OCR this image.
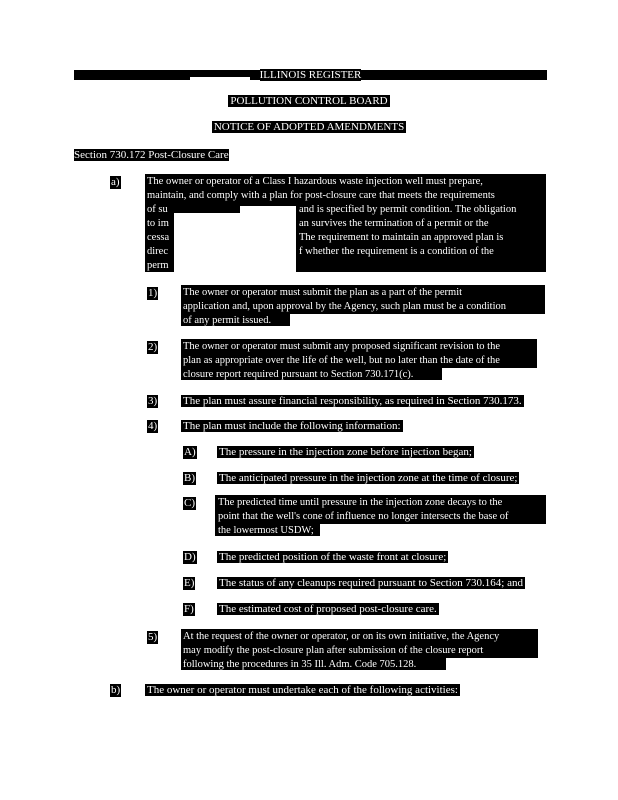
ILLINOIS REGISTER
POLLUTION CONTROL BOARD
NOTICE OF ADOPTED AMENDMENTS
Section 730.172 Post-Closure Care
a)	The owner or operator of a Class I hazardous waste injection well must prepare,
maintain, and comply with a plan for post-closure care that meets the requirements
of su	and is specified by permit condition. The obligation
to im	an survives the termination of a permit or the
cessa	The requirement to maintain an approved plan is
direc	f whether the requirement is a condition of the
perm
1) The owner or operator must submit the plan as a part of the permit
application and, upon approval by the Agency, such plan must be a condition
of any permit issued.
2) The owner or operator must submit any proposed significant revision to the
plan as appropriate over the life of the well, but no later than the date of the
closure report required pursuant to Section 730.171(c).
3) The plan must assure financial responsibility, as required in Section 730.173.
4) The plan must include the following information:
A) The pressure in the injection zone before injection began;
B) The anticipated pressure in the injection zone at the time of closure;
C) The predicted time until pressure in the injection zone decays to the
point that the well's cone of influence no longer intersects the base of
the lowermost USDW;
D) The predicted position of the waste front at closure;
E) The status of any cleanups required pursuant to Section 730.164; and
F) The estimated cost of proposed post-closure care.
5) At the request of the owner or operator, or on its own initiative, the Agency
may modify the post-closure plan after submission of the closure report
following the procedures in 35 Ill. Adm. Code 705.128.
b) The owner or operator must undertake each of the following activities:
